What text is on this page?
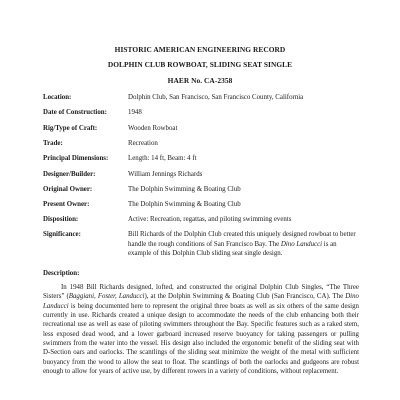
HISTORIC AMERICAN ENGINEERING RECORD
DOLPHIN CLUB ROWBOAT, SLIDING SEAT SINGLE
HAER No. CA-2358
Location:	Dolphin Club, San Francisco, San Francisco County, California
Date of Construction:	1948
Rig/Type of Craft:	Wooden Rowboat
Trade:	Recreation
Principal Dimensions:	Length: 14 ft, Beam: 4 ft
Designer/Builder:	William Jennings Richards
Original Owner:	The Dolphin Swimming & Boating Club
Present Owner:	The Dolphin Swimming & Boating Club
Disposition:	Active: Recreation, regattas, and piloting swimming events
Significance:	Bill Richards of the Dolphin Club created this uniquely designed rowboat to better handle the rough conditions of San Francisco Bay. The Dino Landucci is an example of this Dolphin Club sliding seat single design.
Description:

In 1948 Bill Richards designed, lofted, and constructed the original Dolphin Club Singles, “The Three Sisters” (Baggiani, Foster, Landucci), at the Dolphin Swimming & Boating Club (San Francisco, CA). The Dino Landucci is being documented here to represent the original three boats as well as six others of the same design currently in use. Richards created a unique design to accommodate the needs of the club enhancing both their recreational use as well as ease of piloting swimmers throughout the Bay. Specific features such as a raked stem, less exposed dead wood, and a lower garboard increased reserve buoyancy for taking passengers or pulling swimmers from the water into the vessel. His design also included the ergonomic benefit of the sliding seat with D-Section oars and oarlocks. The scantlings of the sliding seat minimize the weight of the metal with sufficient buoyancy from the wood to allow the seat to float. The scantlings of both the oarlocks and gudgeons are robust enough to allow for years of active use, by different rowers in a variety of conditions, without replacement.
